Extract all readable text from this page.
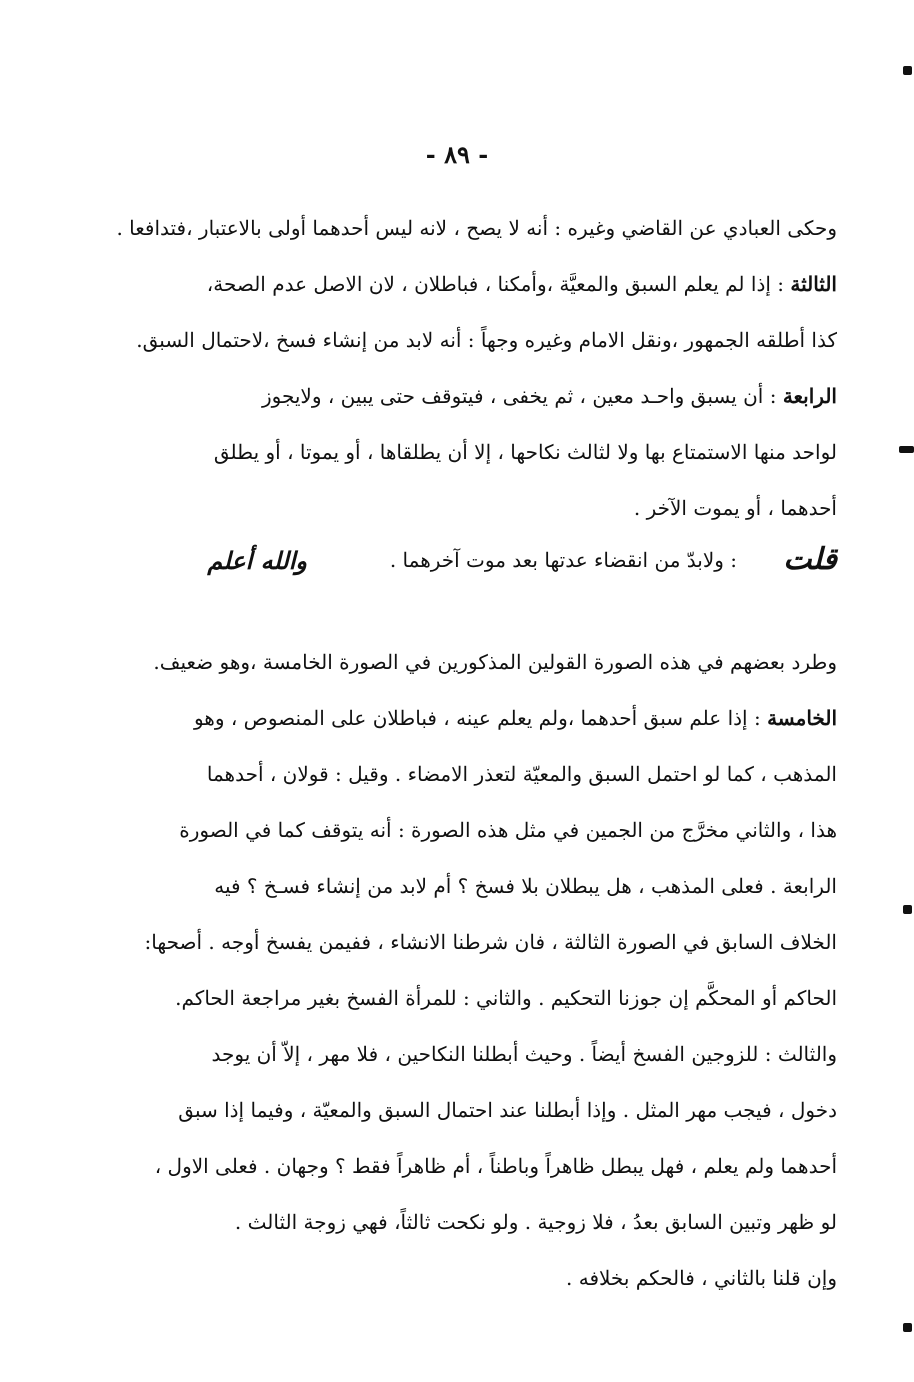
- ٨٩ -
وحكى العبادي عن القاضي وغيره : أنه لا يصح ، لانه ليس أحدهما أولى بالاعتبار ،فتدافعا .
الثالثة : إذا لم يعلم السبق والمعيَّة ،وأمكنا ، فباطلان ، لان الاصل عدم الصحة،
كذا أطلقه الجمهور ،ونقل الامام وغيره وجهاً : أنه لابد من إنشاء فسخ ،لاحتمال السبق.
الرابعة : أن يسبق واحـد معين ، ثم يخفى ، فيتوقف حتى يبين ، ولايجوز
لواحد منها الاستمتاع بها ولا لثالث نكاحها ، إلا أن يطلقاها ، أو يموتا ، أو يطلق
أحدهما ، أو يموت الآخر .
قلت
: ولابدّ من انقضاء عدتها بعد موت آخرهما .
والله أعلم
وطرد بعضهم في هذه الصورة القولين المذكورين في الصورة الخامسة ،وهو ضعيف.
الخامسة : إذا علم سبق أحدهما ،ولم يعلم عينه ، فباطلان على المنصوص ، وهو
المذهب ، كما لو احتمل السبق والمعيّة لتعذر الامضاء . وقيل : قولان ، أحدهما
هذا ، والثاني مخرَّج من الجمين في مثل هذه الصورة : أنه يتوقف كما في الصورة
الرابعة . فعلى المذهب ، هل يبطلان بلا فسخ ؟ أم لابد من إنشاء فسـخ ؟ فيه
الخلاف السابق في الصورة الثالثة ، فان شرطنا الانشاء ، ففيمن يفسخ أوجه . أصحها:
الحاكم أو المحكَّم إن جوزنا التحكيم . والثاني : للمرأة الفسخ بغير مراجعة الحاكم.
والثالث : للزوجين الفسخ أيضاً . وحيث أبطلنا النكاحين ، فلا مهر ، إلاّ أن يوجد
دخول ، فيجب مهر المثل . وإذا أبطلنا عند احتمال السبق والمعيّة ، وفيما إذا سبق
أحدهما ولم يعلم ، فهل يبطل ظاهراً وباطناً ، أم ظاهراً فقط ؟ وجهان . فعلى الاول ،
لو ظهر وتبين السابق بعدُ ، فلا زوجية . ولو نكحت ثالثاً، فهي زوجة الثالث .
وإن قلنا بالثاني ، فالحكم بخلافه .
